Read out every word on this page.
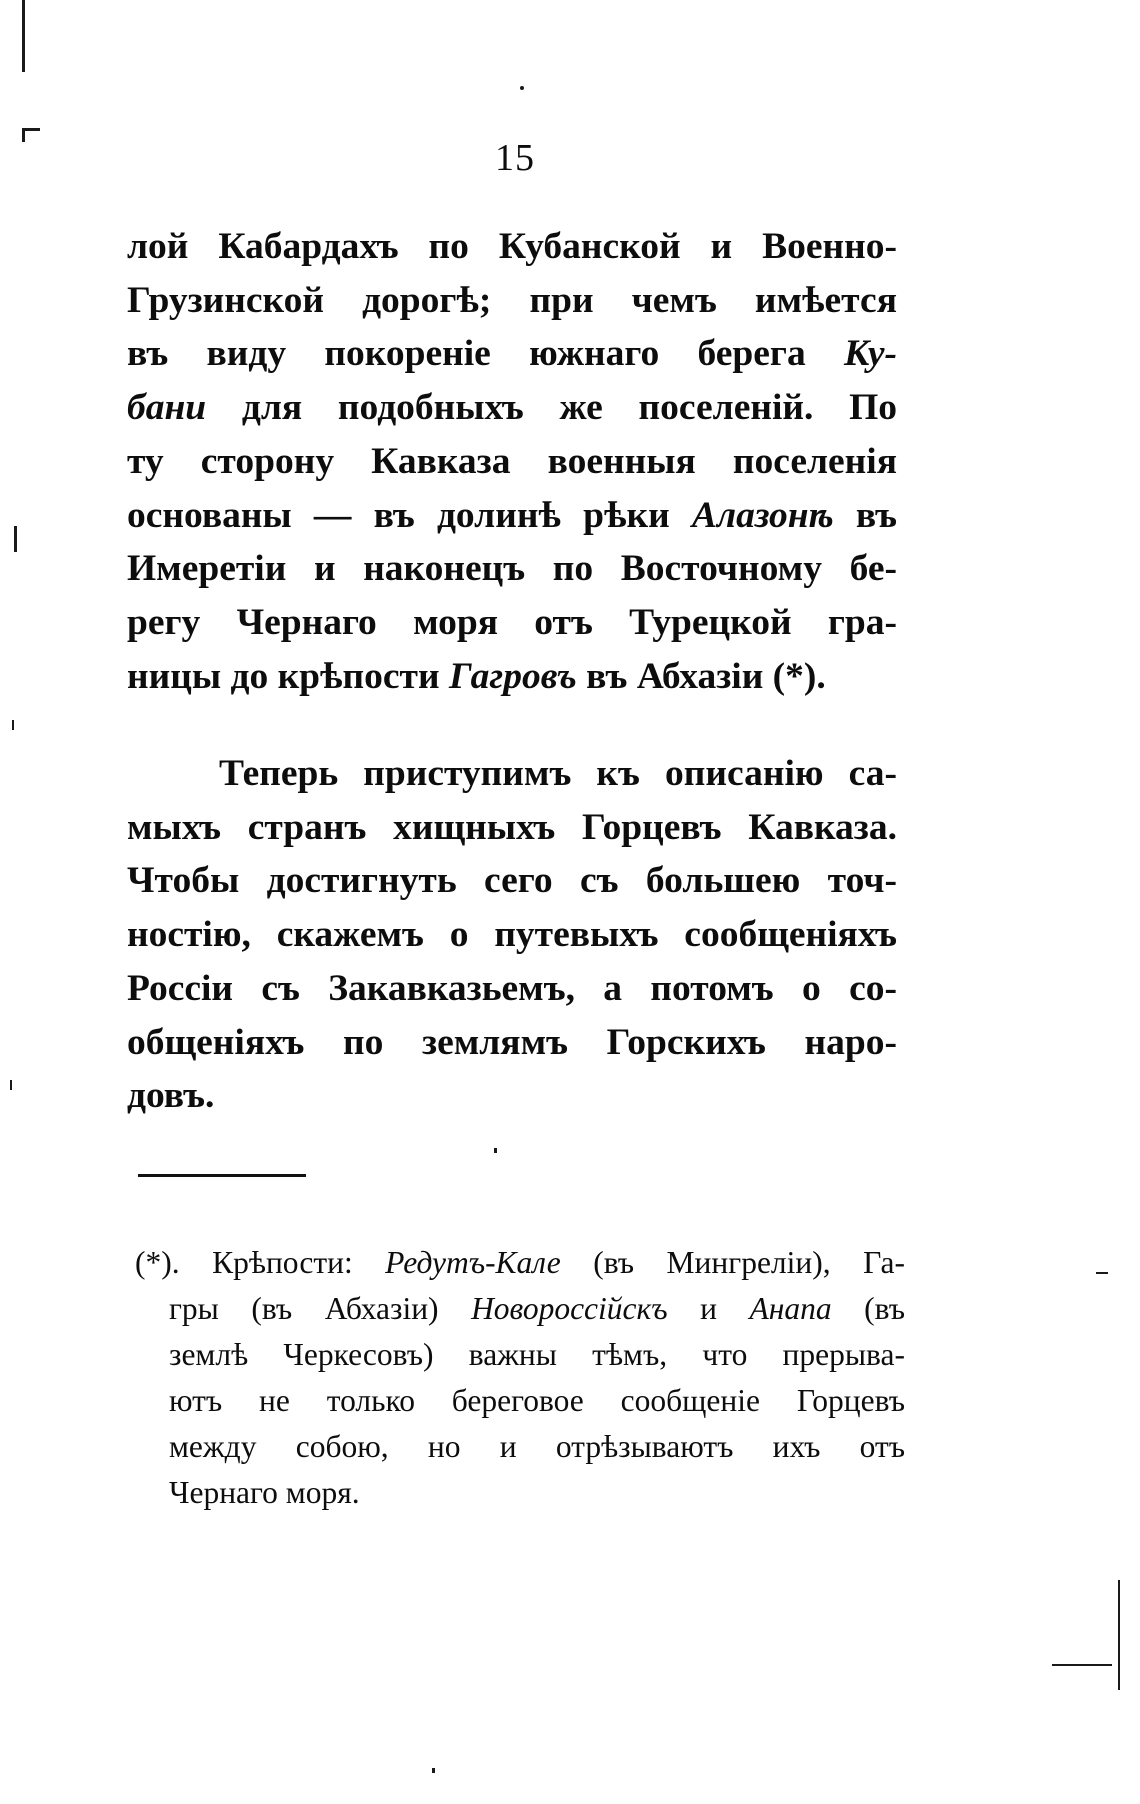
15
лой Кабардахъ по Кубанской и Военно-
Грузинской дорогѣ; при чемъ имѣется
въ виду покореніе южнаго берега Ку-
бани для подобныхъ же поселеній. По
ту сторону Кавказа военныя поселенія
основаны — въ долинѣ рѣки Алазонѣ въ
Имеретіи и наконецъ по Восточному бе-
регу Чернаго моря отъ Турецкой гра-
ницы до крѣпости Гагровъ въ Абхазіи (*).
Теперь приступимъ къ описанію са-
мыхъ странъ хищныхъ Горцевъ Кавказа.
Чтобы достигнуть сего съ большею точ-
ностію, скажемъ о путевыхъ сообщеніяхъ
Россіи съ Закавказьемъ, а потомъ о со-
общеніяхъ по землямъ Горскихъ наро-
довъ.
(*). Крѣпости: Редутъ-Кале (въ Мингреліи), Га-
гры (въ Абхазіи) Новороссійскъ и Анапа (въ
землѣ Черкесовъ) важны тѣмъ, что прерыва-
ютъ не только береговое сообщеніе Горцевъ
между собою, но и отрѣзываютъ ихъ отъ
Чернаго моря.
